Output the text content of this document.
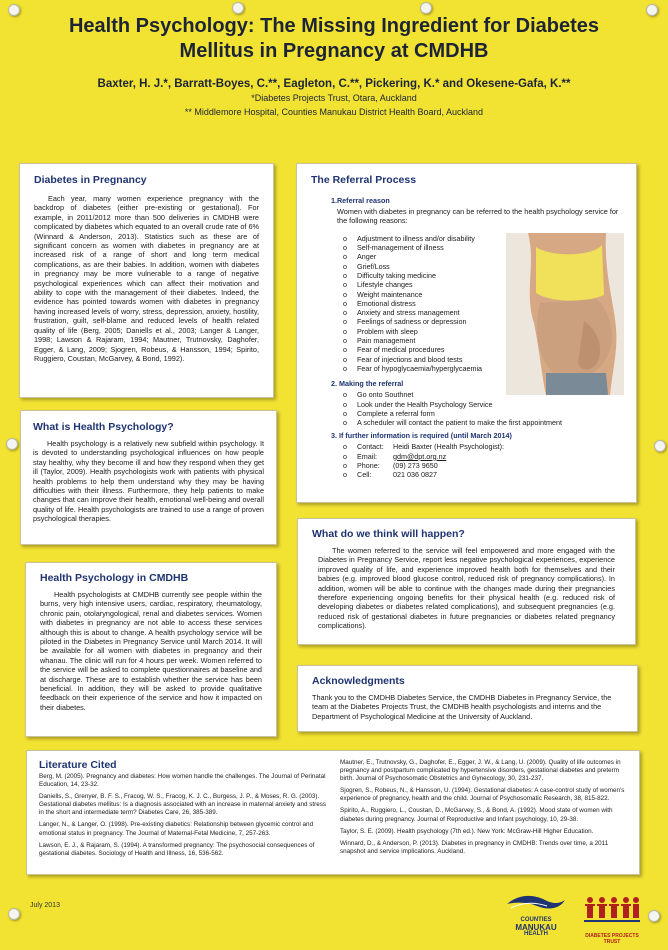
Health Psychology: The Missing Ingredient for Diabetes
Mellitus in Pregnancy at CMDHB
Baxter, H. J.*, Barratt-Boyes, C.**, Eagleton, C.**, Pickering, K.* and Okesene-Gafa, K.**
*Diabetes Projects Trust, Otara, Auckland
** Middlemore Hospital, Counties Manukau District Health Board, Auckland
Diabetes in Pregnancy

Each year, many women experience pregnancy with the backdrop of diabetes (either pre-existing or gestational). For example, in 2011/2012 more than 500 deliveries in CMDHB were complicated by diabetes which equated to an overall crude rate of 6% (Winnard & Anderson, 2013). Statistics such as these are of significant concern as women with diabetes in pregnancy are at increased risk of a range of short and long term medical complications, as are their babies. In addition, women with diabetes in pregnancy may be more vulnerable to a range of negative psychological experiences which can affect their motivation and ability to cope with the management of their diabetes. Indeed, the evidence has pointed towards women with diabetes in pregnancy having increased levels of worry, stress, depression, anxiety, hostility, frustration, guilt, self-blame and reduced levels of health related quality of life (Berg, 2005; Daniells et al., 2003; Langer & Langer, 1998; Lawson & Rajaram, 1994; Mautner, Trutnovsky, Daghofer, Egger, & Lang, 2009; Sjogren, Robeus, & Hansson, 1994; Spirito, Ruggiero, Coustan, McGarvey, & Bond, 1992).

What is Health Psychology?

Health psychology is a relatively new subfield within psychology. It is devoted to understanding psychological influences on how people stay healthy, why they become ill and how they respond when they get ill (Taylor, 2009). Health psychologists work with patients with physical health problems to help them understand why they may be having difficulties with their illness. Furthermore, they help patients to make changes that can improve their health, emotional well-being and overall quality of life. Health psychologists are trained to use a range of proven psychological therapies.

Health Psychology in CMDHB

Health psychologists at CMDHB currently see people within the burns, very high intensive users, cardiac, respiratory, rheumatology, chronic pain, otolaryngological, renal and diabetes services. Women with diabetes in pregnancy are not able to access these services although this is about to change. A health psychology service will be piloted in the Diabetes in Pregnancy Service until March 2014. It will be available for all women with diabetes in pregnancy and their whanau. The clinic will run for 4 hours per week. Women referred to the service will be asked to complete questionnaires at baseline and at discharge. These are to establish whether the service has been beneficial. In addition, they will be asked to provide qualitative feedback on their experience of the service and how it impacted on their diabetes.

The Referral Process
1.Referral reason

Women with diabetes in pregnancy can be referred to the health psychology service for the following reasons:

o	Adjustment to illness and/or disability
o	Self-management of illness
o	Anger
o	Grief/Loss
o	Difficulty taking medicine
o	Lifestyle changes
o	Weight maintenance
o	Emotional distress
o	Anxiety and stress management
o	Feelings of sadness or depression
o	Problem with sleep
o	Pain management
o	Fear of medical procedures
o	Fear of injections and blood tests
o	Fear of hypoglycaemia/hyperglycaemia
2. Making the referral
o	Go onto Southnet
o	Look under the Health Psychology Service
o	Complete a referral form
o	A scheduler will contact the patient to make the first appointment
3. If further information is required (until March 2014)
o	Contact:	Heidi Baxter (Health Psychologist):
o	Email:	gdm@dpt.org.nz
o	Phone:	(09) 273 9650
o	Cell:	021 036 0827
What do we think will happen?

The women referred to the service will feel empowered and more engaged with the Diabetes in Pregnancy Service, report less negative psychological experiences, experience improved quality of life, and experience improved health both for themselves and their babies (e.g. improved blood glucose control, reduced risk of pregnancy complications). In addition, women will be able to continue with the changes made during their pregnancies therefore experiencing ongoing benefits for their physical health (e.g. reduced risk of developing diabetes or diabetes related complications), and subsequent pregnancies (e.g. reduced risk of gestational diabetes in future pregnancies or diabetes related pregnancy complications).

Acknowledgments

Thank you to the CMDHB Diabetes Service, the CMDHB Diabetes in Pregnancy Service, the team at the Diabetes Projects Trust, the CMDHB health psychologists and interns and the Department of Psychological Medicine at the University of Auckland.

Literature Cited

Berg, M. (2005). Pregnancy and diabetes: How women handle the challenges. The Journal of Perinatal Education, 14, 23-32.

Daniells, S., Grenyer, B. F. S., Fracog, W. S., Fracog, K. J. C., Burgess, J. P., & Moses, R. G. (2003). Gestational diabetes mellitus: Is a diagnosis associated with an increase in maternal anxiety and stress in the short and intermediate term? Diabetes Care, 26, 385-389.

Langer, N., & Langer, O. (1998). Pre-existing diabetics: Relationship between glycemic control and emotional status in pregnancy. The Journal of Maternal-Fetal Medicine, 7, 257-263.

Lawson, E. J., & Rajaram, S. (1994). A transformed pregnancy: The psychosocial consequences of gestational diabetes. Sociology of Health and Illness, 16, 536-562.

Mautner, E., Trutnovsky, G., Daghofer, E., Egger, J. W., & Lang, U. (2009). Quality of life outcomes in pregnancy and postpartum complicated by hypertensive disorders, gestational diabetes and preterm birth. Journal of Psychosomatic Obstetrics and Gynecology, 30, 231-237.

Sjogren, S., Robeus, N., & Hansson, U. (1994). Gestational diabetes: A case-control study of women's experience of pregnancy, health and the child. Journal of Psychosomatic Research, 38, 815-822.

Spirito, A., Ruggiero, L., Coustan, D., McGarvey, S., & Bond, A. (1992). Mood state of women with diabetes during pregnancy. Journal of Reproductive and Infant psychology, 10, 29-38.

Taylor, S. E. (2009). Health psychology (7th ed.). New York: McGraw-Hill Higher Education.

Winnard, D., & Anderson, P. (2013). Diabetes in pregnancy in CMDHB: Trends over time, a 2011 snapshot and service implications. Auckland.

July 2013
COUNTIES
MANUKAU
HEALTH	DIABETES PROJECTS TRUST
